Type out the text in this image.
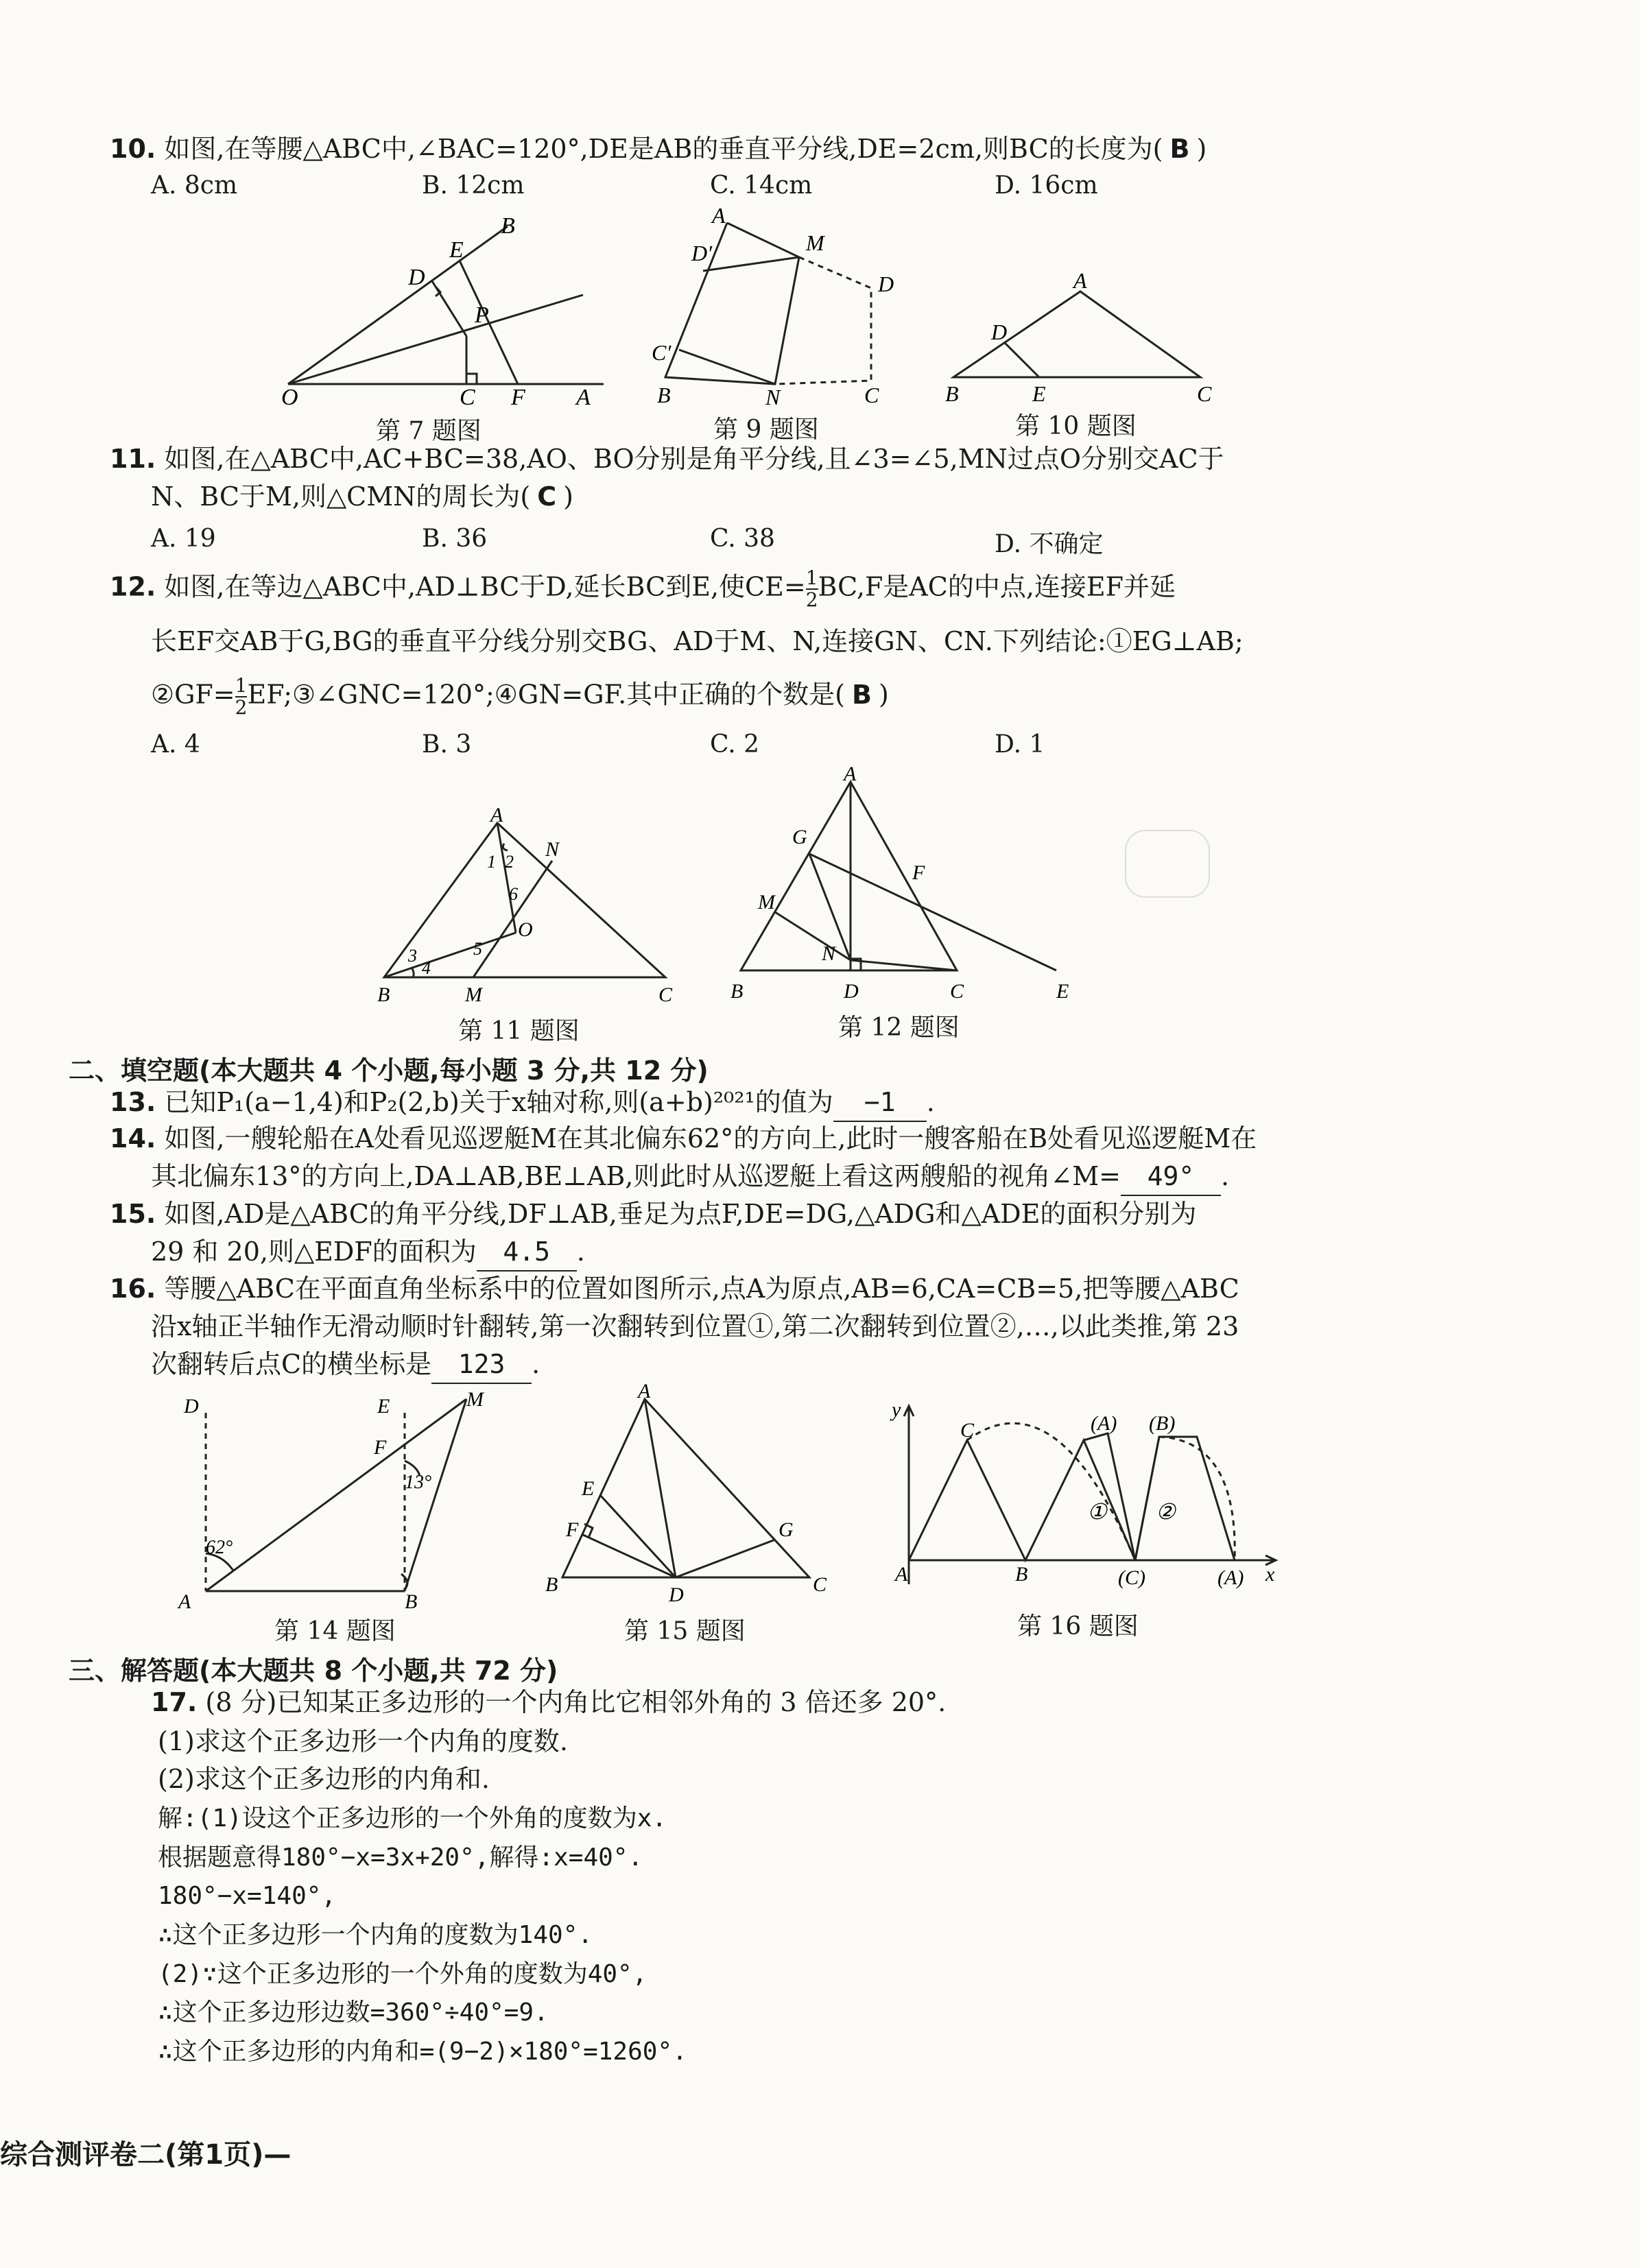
10. 如图,在等腰△ABC中,∠BAC=120°,DE是AB的垂直平分线,DE=2cm,则BC的长度为( B )
A. 8cm	B. 12cm	C. 14cm	D. 16cm
O	C F A
D
E
B
P
第 7 题图
A
D′	M
D
C′
B	N	C
第 9 题图
A
D
B	E	C
第 10 题图
11. 如图,在△ABC中,AC+BC=38,AO、BO分别是角平分线,且∠3=∠5,MN过点O分别交AC于
N、BC于M,则△CMN的周长为( C )
A. 19	B. 36	C. 38	D. 不确定
12. 如图,在等边△ABC中,AD⊥BC于D,延长BC到E,使$CE= \frac{1}{2} BC,F$是AC的中点,连接EF并延
长EF交AB于G,BG的垂直平分线分别交BG、AD于M、N,连接GN、CN.下列结论:①EG⊥AB;
②GF= $\frac{1}{2}$ EF;③∠GNC=120°;④GN=GF.其中正确的个数是( B )
A. 4	B. 3	C. 2	D. 1
A
N
1 2
6
O
3
4
5
B	M	C
第 11 题图
A
G
F
M
N
B	D	C	E
第 12 题图
二、填空题(本大题共 4 个小题,每小题 3 分,共 12 分)
13. 已知P₁(a−1,4)和P₂(2,b)关于x轴对称,则(a+b)²⁰²¹的值为 −1 .
14. 如图,一艘轮船在A处看见巡逻艇M在其北偏东62°的方向上,此时一艘客船在B处看见巡逻艇M在
其北偏东13°的方向上,DA⊥AB,BE⊥AB,则此时从巡逻艇上看这两艘船的视角∠M= 49° .
15. 如图,AD是△ABC的角平分线,DF⊥AB,垂足为点F,DE=DG,△ADG和△ADE的面积分别为
29 和 20,则△EDF的面积为 4.5 .
16. 等腰△ABC在平面直角坐标系中的位置如图所示,点A为原点,AB=6,CA=CB=5,把等腰△ABC
沿x轴正半轴作无滑动顺时针翻转,第一次翻转到位置①,第二次翻转到位置②,…,以此类推,第 23
次翻转后点C的横坐标是 123 .
D	E	M
F
13°
62°
A	B
第 14 题图
A
E
F	G
B	D	C
第 15 题图
y
C	(A) (B)
① ②
A	B	(C)	(A) x
第 16 题图
三、解答题(本大题共 8 个小题,共 72 分)
17. (8 分)已知某正多边形的一个内角比它相邻外角的 3 倍还多 20°.
(1)求这个正多边形一个内角的度数.
(2)求这个正多边形的内角和.
解:(1)设这个正多边形的一个外角的度数为x.
根据题意得180°−x=3x+20°,解得:x=40°.
180°−x=140°,
∴这个正多边形一个内角的度数为140°.
(2)∵这个正多边形的一个外角的度数为40°,
∴这个正多边形边数=360°÷40°=9.
∴这个正多边形的内角和=(9−2)×180°=1260°.
综合测评卷二(第1页)—
